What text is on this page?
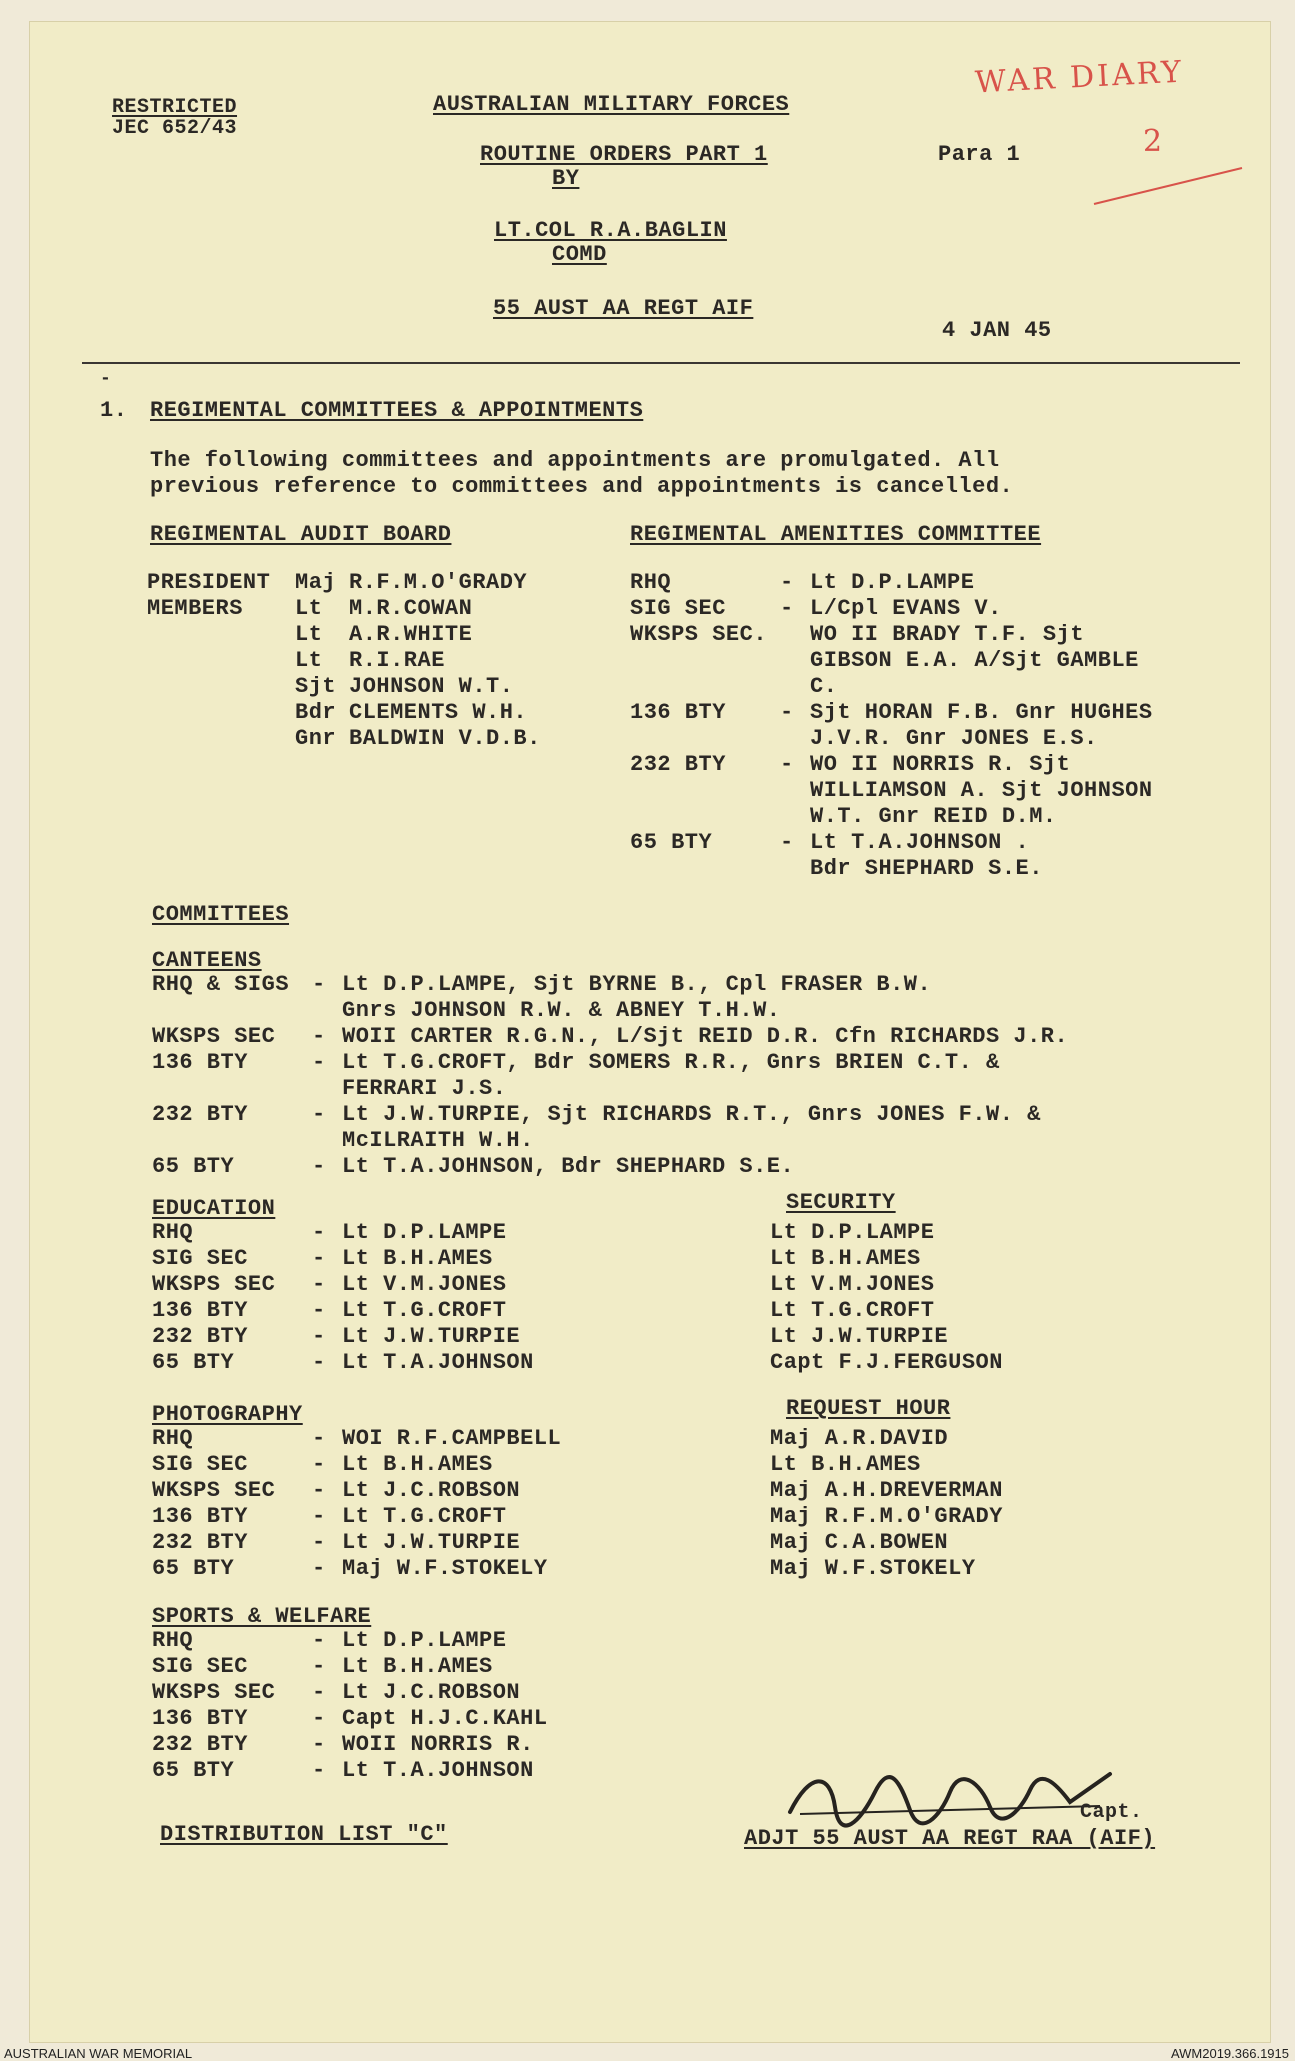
RESTRICTED
JEC 652/43
AUSTRALIAN MILITARY FORCES
ROUTINE ORDERS PART 1
BY
LT.COL R.A.BAGLIN
COMD
55 AUST AA REGT AIF
Para 1
4 JAN 45
WAR DIARY
2
-
1. REGIMENTAL COMMITTEES & APPOINTMENTS
The following committees and appointments are promulgated. All
previous reference to committees and appointments is cancelled.
REGIMENTAL AUDIT BOARD
PRESIDENT	Maj R.F.M.O'GRADY
MEMBERS	Lt	M.R.COWAN
Lt	A.R.WHITE
Lt	R.I.RAE
Sjt JOHNSON W.T.
Bdr CLEMENTS W.H.
Gnr BALDWIN V.D.B.
REGIMENTAL AMENITIES COMMITTEE
RHQ	- Lt D.P.LAMPE
SIG SEC	- L/Cpl EVANS V.
WKSPS SEC.	WO II BRADY T.F. Sjt
GIBSON E.A. A/Sjt GAMBLE
C.
136 BTY	- Sjt HORAN F.B. Gnr HUGHES
J.V.R. Gnr JONES E.S.
232 BTY	- WO II NORRIS R. Sjt
WILLIAMSON A. Sjt JOHNSON
W.T. Gnr REID D.M.
65 BTY	- Lt T.A.JOHNSON .
Bdr SHEPHARD S.E.
COMMITTEES
CANTEENS
RHQ & SIGS	- Lt D.P.LAMPE, Sjt BYRNE B., Cpl FRASER B.W.
Gnrs JOHNSON R.W. & ABNEY T.H.W.
WKSPS SEC	- WOII CARTER R.G.N., L/Sjt REID D.R. Cfn RICHARDS J.R.
136 BTY	- Lt T.G.CROFT, Bdr SOMERS R.R., Gnrs BRIEN C.T. &
FERRARI J.S.
232 BTY	- Lt J.W.TURPIE, Sjt RICHARDS R.T., Gnrs JONES F.W. &
McILRAITH W.H.
65 BTY	- Lt T.A.JOHNSON, Bdr SHEPHARD S.E.
EDUCATION
RHQ	- Lt D.P.LAMPE
SIG SEC	- Lt B.H.AMES
WKSPS SEC	- Lt V.M.JONES
136 BTY	- Lt T.G.CROFT
232 BTY	- Lt J.W.TURPIE
65 BTY	- Lt T.A.JOHNSON
SECURITY
Lt D.P.LAMPE
Lt B.H.AMES
Lt V.M.JONES
Lt T.G.CROFT
Lt J.W.TURPIE
Capt F.J.FERGUSON
PHOTOGRAPHY
RHQ	- WOI R.F.CAMPBELL
SIG SEC	- Lt B.H.AMES
WKSPS SEC	- Lt J.C.ROBSON
136 BTY	- Lt T.G.CROFT
232 BTY	- Lt J.W.TURPIE
65 BTY	- Maj W.F.STOKELY
REQUEST HOUR
Maj A.R.DAVID
Lt B.H.AMES
Maj A.H.DREVERMAN
Maj R.F.M.O'GRADY
Maj C.A.BOWEN
Maj W.F.STOKELY
SPORTS & WELFARE
RHQ	- Lt D.P.LAMPE
SIG SEC	- Lt B.H.AMES
WKSPS SEC	- Lt J.C.ROBSON
136 BTY	- Capt H.J.C.KAHL
232 BTY	- WOII NORRIS R.
65 BTY	- Lt T.A.JOHNSON
Capt.
ADJT 55 AUST AA REGT RAA (AIF)
DISTRIBUTION LIST "C"
AUSTRALIAN WAR MEMORIAL	AWM2019.366.1915
